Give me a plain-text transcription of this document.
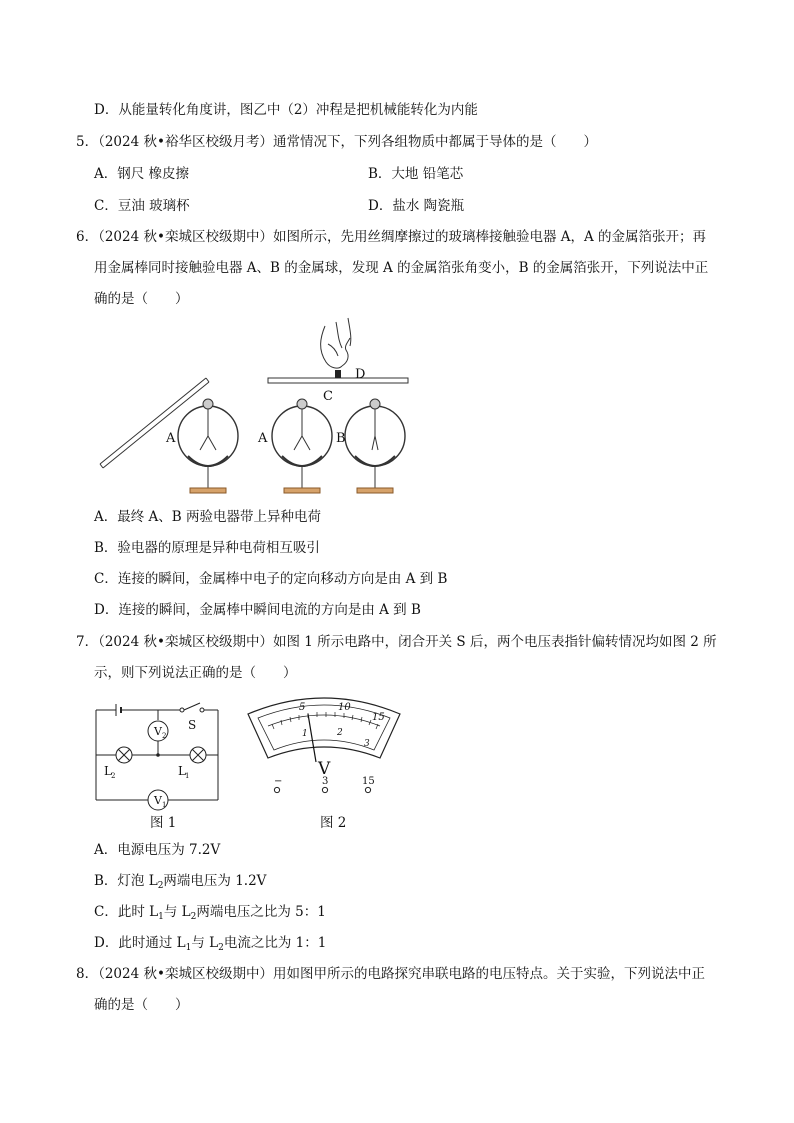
D．从能量转化角度讲，图乙中（2）冲程是把机械能转化为内能
5．（2024 秋•裕华区校级月考）通常情况下，下列各组物质中都属于导体的是（　　）
A．钢尺 橡皮擦	B．大地 铅笔芯
C．豆油 玻璃杯	D．盐水 陶瓷瓶
6．（2024 秋•栾城区校级期中）如图所示，先用丝绸摩擦过的玻璃棒接触验电器 A，A 的金属箔张开；再
用金属棒同时接触验电器 A、B 的金属球，发现 A 的金属箔张角变小，B 的金属箔张开，下列说法中正
确的是（　　）
D
C
A	A	B
A．最终 A、B 两验电器带上异种电荷
B．验电器的原理是异种电荷相互吸引
C．连接的瞬间，金属棒中电子的定向移动方向是由 A 到 B
D．连接的瞬间，金属棒中瞬间电流的方向是由 A 到 B
7．（2024 秋•栾城区校级期中）如图 1 所示电路中，闭合开关 S 后，两个电压表指针偏转情况均如图 2 所
示，则下列说法正确的是（　　）
V 2
V 1
S
L 2	L 1
5	10
15
1	2
3
V
−	3	15
图 1	图 2
A．电源电压为 7.2V
B．灯泡 $L_2$两端电压为 1.2V
C．此时 $L_1$与 $L_2$两端电压之比为 5：1
D．此时通过 $L_1$与 $L_2$电流之比为 1：1
8．（2024 秋•栾城区校级期中）用如图甲所示的电路探究串联电路的电压特点。关于实验，下列说法中正
确的是（　　）
